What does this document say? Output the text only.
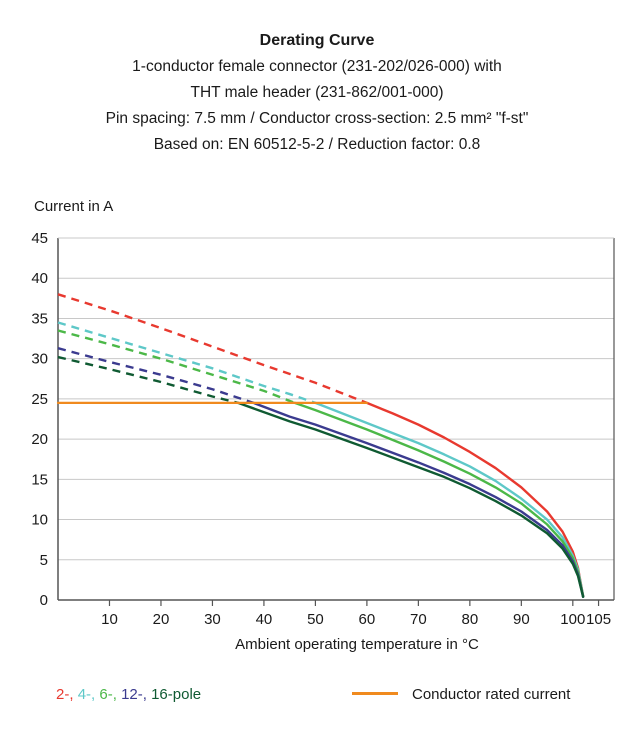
Derating Curve
1-conductor female connector (231-202/026-000) with
THT male header (231-862/001-000)
Pin spacing: 7.5 mm / Conductor cross-section: 2.5 mm² "f-st"
Based on: EN 60512-5-2 / Reduction factor: 0.8
Current in A
0
5
10
15
20
25
30
35
40
45
10 20 30 40 50 60 70 80 90 100 105
Ambient operating temperature in °C
2-, 4-, 6-, 12-, 16-pole	Conductor rated current
